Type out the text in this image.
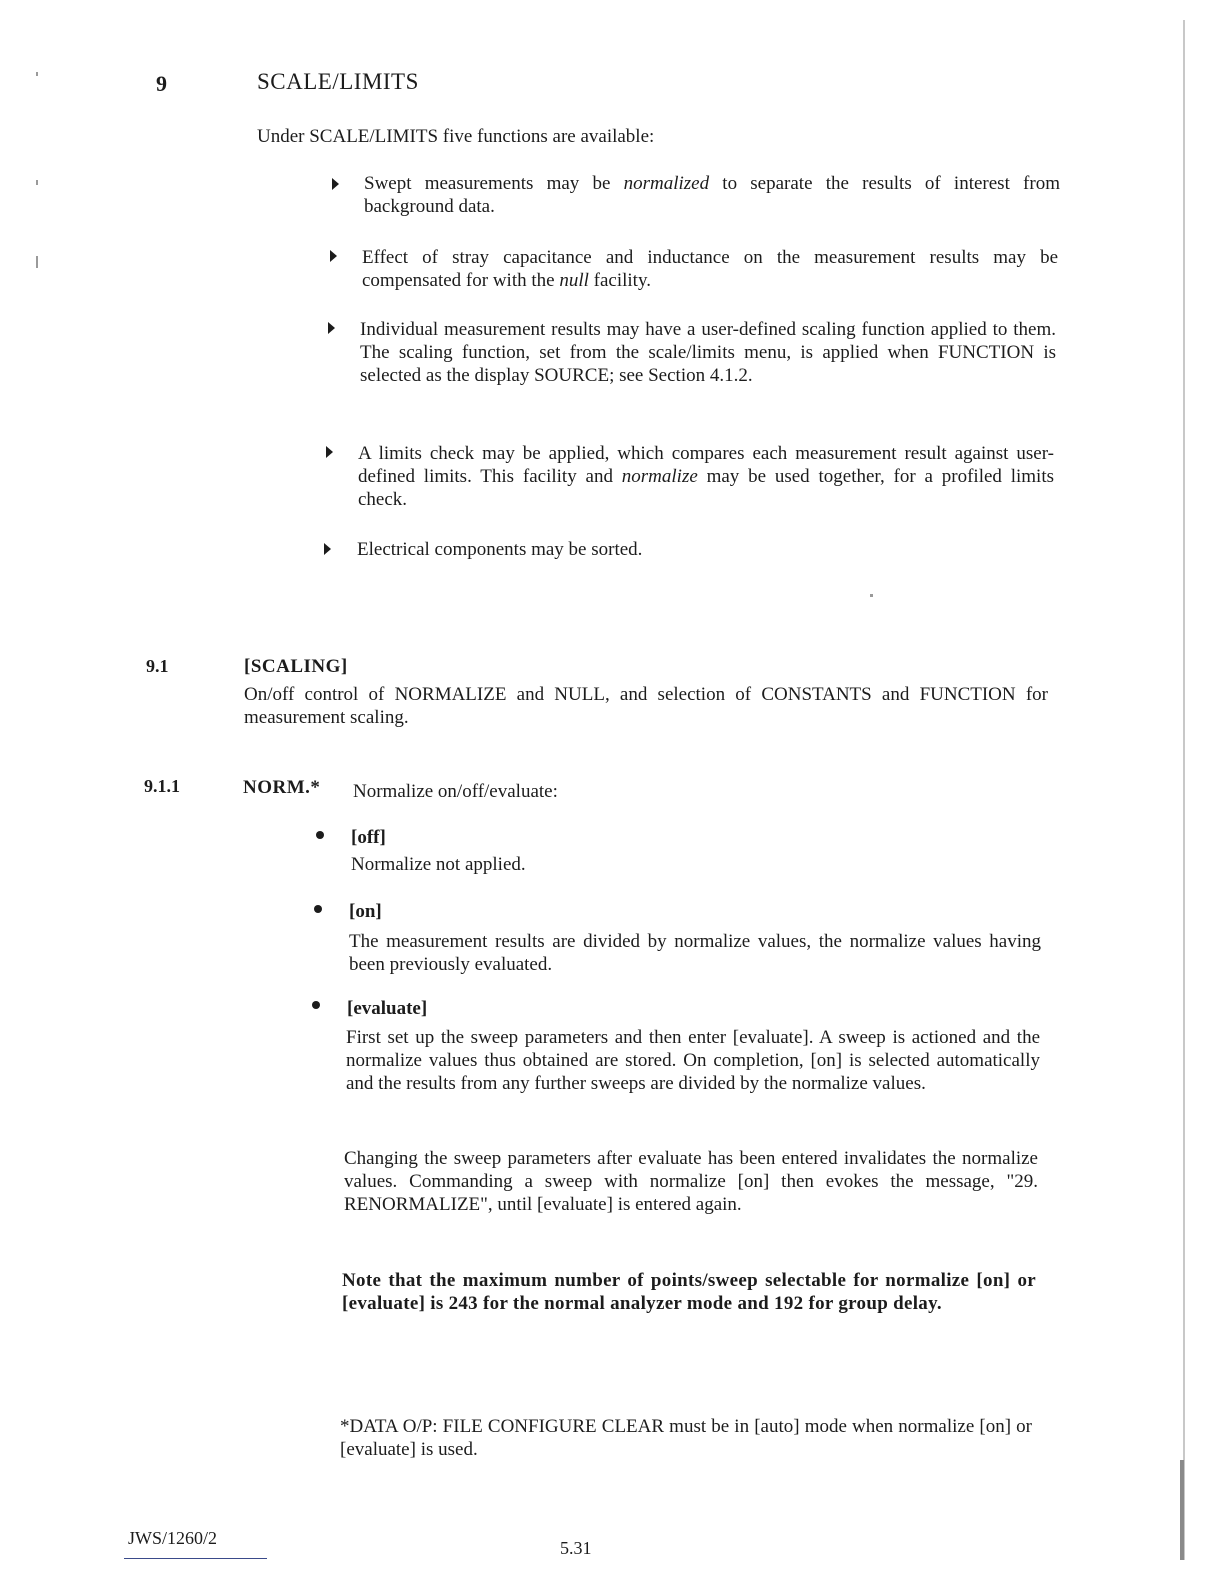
9	SCALE/LIMITS
Under SCALE/LIMITS five functions are available:
Swept measurements may be normalized to separate the results of interest from background data.
Effect of stray capacitance and inductance on the measurement results may be compensated for with the null facility.
Individual measurement results may have a user-defined scaling function applied to them. The scaling function, set from the scale/limits menu, is applied when FUNCTION is selected as the display SOURCE; see Section 4.1.2.
A limits check may be applied, which compares each measurement result against user-defined limits. This facility and normalize may be used together, for a profiled limits check.
Electrical components may be sorted.
9.1	[SCALING]
On/off control of NORMALIZE and NULL, and selection of CONSTANTS and FUNCTION for measurement scaling.
9.1.1	NORM.* Normalize on/off/evaluate:
[off]
Normalize not applied.
[on]
The measurement results are divided by normalize values, the normalize values having been previously evaluated.
[evaluate]
First set up the sweep parameters and then enter [evaluate]. A sweep is actioned and the normalize values thus obtained are stored. On completion, [on] is selected automatically and the results from any further sweeps are divided by the normalize values.
Changing the sweep parameters after evaluate has been entered invalidates the normalize values. Commanding a sweep with normalize [on] then evokes the message, "29. RENORMALIZE", until [evaluate] is entered again.
Note that the maximum number of points/sweep selectable for normalize [on] or [evaluate] is 243 for the normal analyzer mode and 192 for group delay.
*DATA O/P: FILE CONFIGURE CLEAR must be in [auto] mode when normalize [on] or [evaluate] is used.
JWS/1260/2	5.31
